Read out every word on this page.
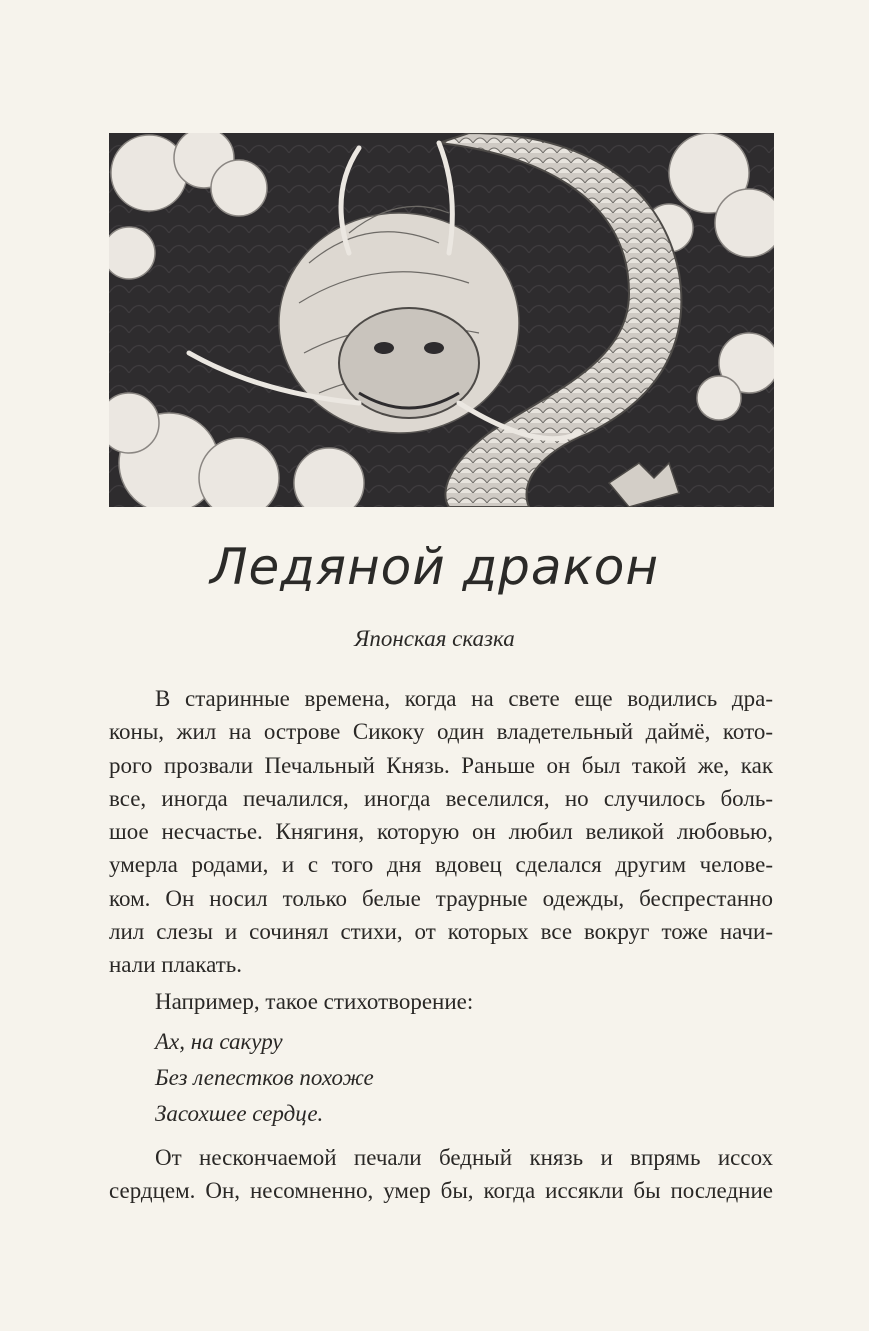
Ледяной дракон
Японская сказка
В старинные времена, когда на свете еще водились дра-
коны, жил на острове Сикоку один владетельный даймё, кото-
рого прозвали Печальный Князь. Раньше он был такой же, как
все, иногда печалился, иногда веселился, но случилось боль-
шое несчастье. Княгиня, которую он любил великой любовью,
умерла родами, и с того дня вдовец сделался другим челове-
ком. Он носил только белые траурные одежды, беспрестанно
лил слезы и сочинял стихи, от которых все вокруг тоже начи-
нали плакать.
Например, такое стихотворение:
Ах, на сакуру
Без лепестков похоже
Засохшее сердце.
От нескончаемой печали бедный князь и впрямь иссох
сердцем. Он, несомненно, умер бы, когда иссякли бы последние
